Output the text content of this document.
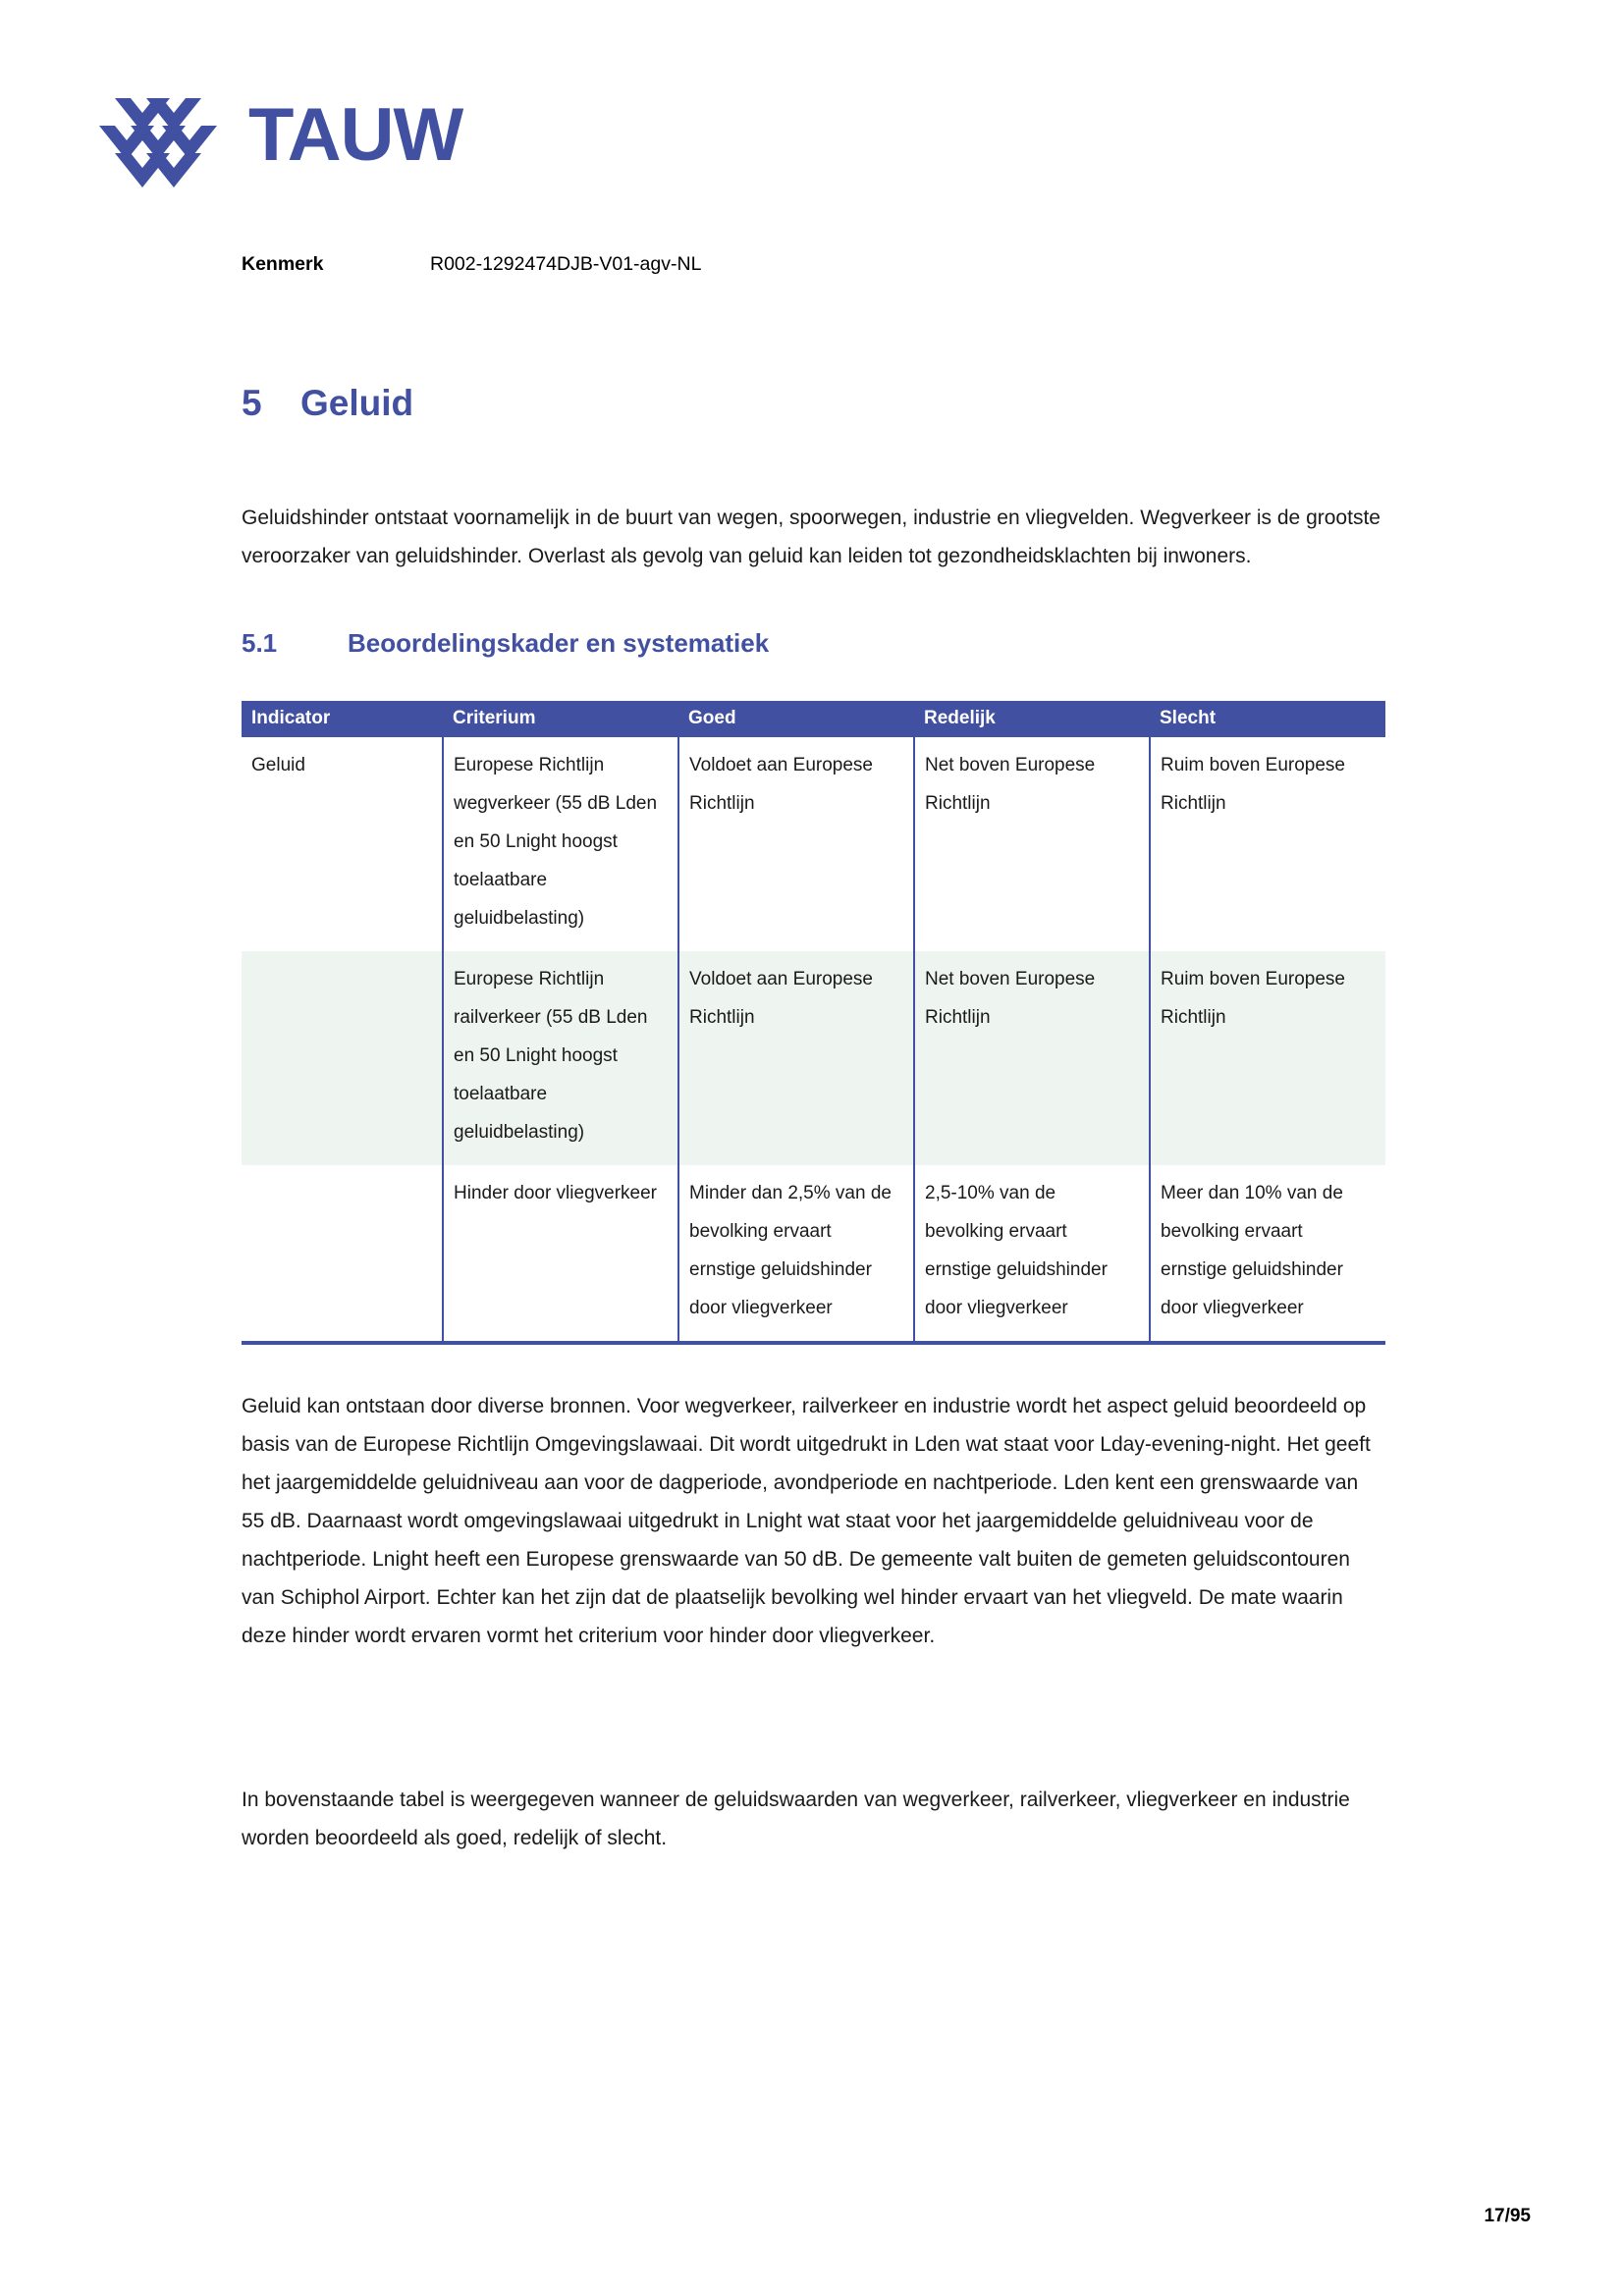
TAUW
Kenmerk	R002-1292474DJB-V01-agv-NL
5	Geluid

Geluidshinder ontstaat voornamelijk in de buurt van wegen, spoorwegen, industrie en vliegvelden. Wegverkeer is de grootste veroorzaker van geluidshinder. Overlast als gevolg van geluid kan leiden tot gezondheidsklachten bij inwoners.

5.1	Beoordelingskader en systematiek
Indicator	Criterium	Goed	Redelijk	Slecht
Geluid	Europese Richtlijn wegverkeer (55 dB Lden en 50 Lnight hoogst toelaatbare geluidbelasting)	Voldoet aan Europese Richtlijn	Net boven Europese Richtlijn	Ruim boven Europese Richtlijn
	Europese Richtlijn railverkeer (55 dB Lden en 50 Lnight hoogst toelaatbare geluidbelasting)	Voldoet aan Europese Richtlijn	Net boven Europese Richtlijn	Ruim boven Europese Richtlijn
	Hinder door vliegverkeer	Minder dan 2,5% van de bevolking ervaart ernstige geluidshinder door vliegverkeer	2,5-10% van de bevolking ervaart ernstige geluidshinder door vliegverkeer	Meer dan 10% van de bevolking ervaart ernstige geluidshinder door vliegverkeer

Geluid kan ontstaan door diverse bronnen. Voor wegverkeer, railverkeer en industrie wordt het aspect geluid beoordeeld op basis van de Europese Richtlijn Omgevingslawaai. Dit wordt uitgedrukt in Lden wat staat voor Lday-evening-night. Het geeft het jaargemiddelde geluidniveau aan voor de dagperiode, avondperiode en nachtperiode. Lden kent een grenswaarde van 55 dB. Daarnaast wordt omgevingslawaai uitgedrukt in Lnight wat staat voor het jaargemiddelde geluidniveau voor de nachtperiode. Lnight heeft een Europese grenswaarde van 50 dB. De gemeente valt buiten de gemeten geluidscontouren van Schiphol Airport. Echter kan het zijn dat de plaatselijk bevolking wel hinder ervaart van het vliegveld. De mate waarin deze hinder wordt ervaren vormt het criterium voor hinder door vliegverkeer.

In bovenstaande tabel is weergegeven wanneer de geluidswaarden van wegverkeer, railverkeer, vliegverkeer en industrie worden beoordeeld als goed, redelijk of slecht.

17/95
